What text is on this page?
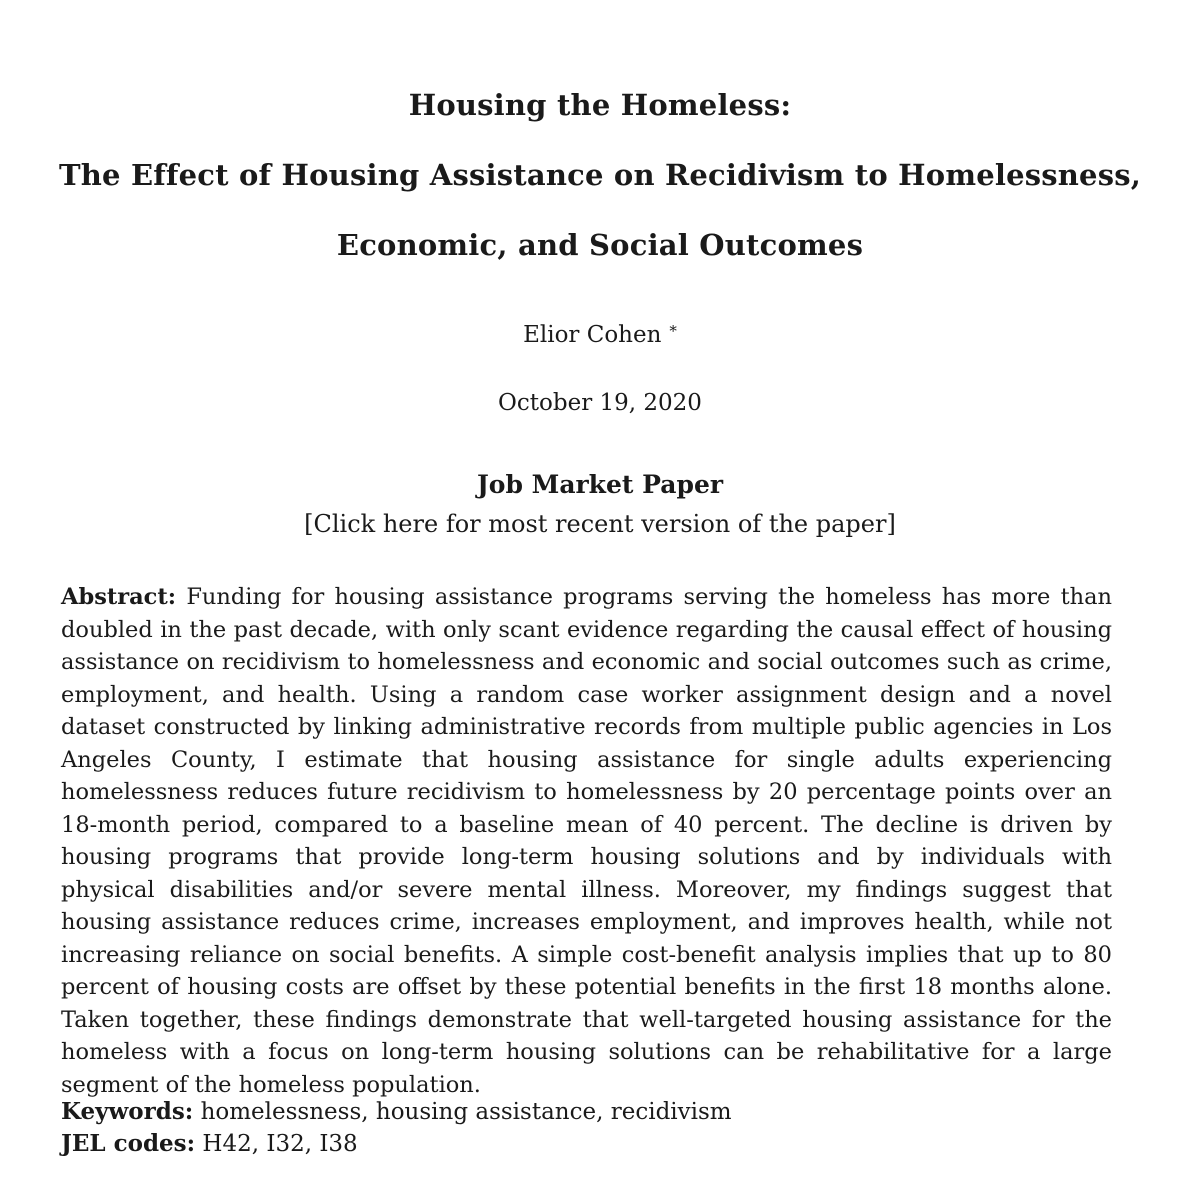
Housing the Homeless:
The Effect of Housing Assistance on Recidivism to Homelessness,
Economic, and Social Outcomes
Elior Cohen *
October 19, 2020
Job Market Paper
[Click here for most recent version of the paper]
Abstract: Funding for housing assistance programs serving the homeless has more than doubled in the past decade, with only scant evidence regarding the causal effect of housing assistance on recidivism to homelessness and economic and social outcomes such as crime, employment, and health. Using a random case worker assignment design and a novel dataset constructed by linking administrative records from multiple public agencies in Los Angeles County, I estimate that housing assistance for single adults experiencing homelessness reduces future recidivism to homelessness by 20 percentage points over an 18-month period, compared to a baseline mean of 40 percent. The decline is driven by housing programs that provide long-term housing solutions and by individuals with physical disabilities and/or severe mental illness. Moreover, my findings suggest that housing assistance reduces crime, increases employment, and improves health, while not increasing reliance on social benefits. A simple cost-benefit analysis implies that up to 80 percent of housing costs are offset by these potential benefits in the first 18 months alone. Taken together, these findings demonstrate that well-targeted housing assistance for the homeless with a focus on long-term housing solutions can be rehabilitative for a large segment of the homeless population.
Keywords: homelessness, housing assistance, recidivism
JEL codes: H42, I32, I38
